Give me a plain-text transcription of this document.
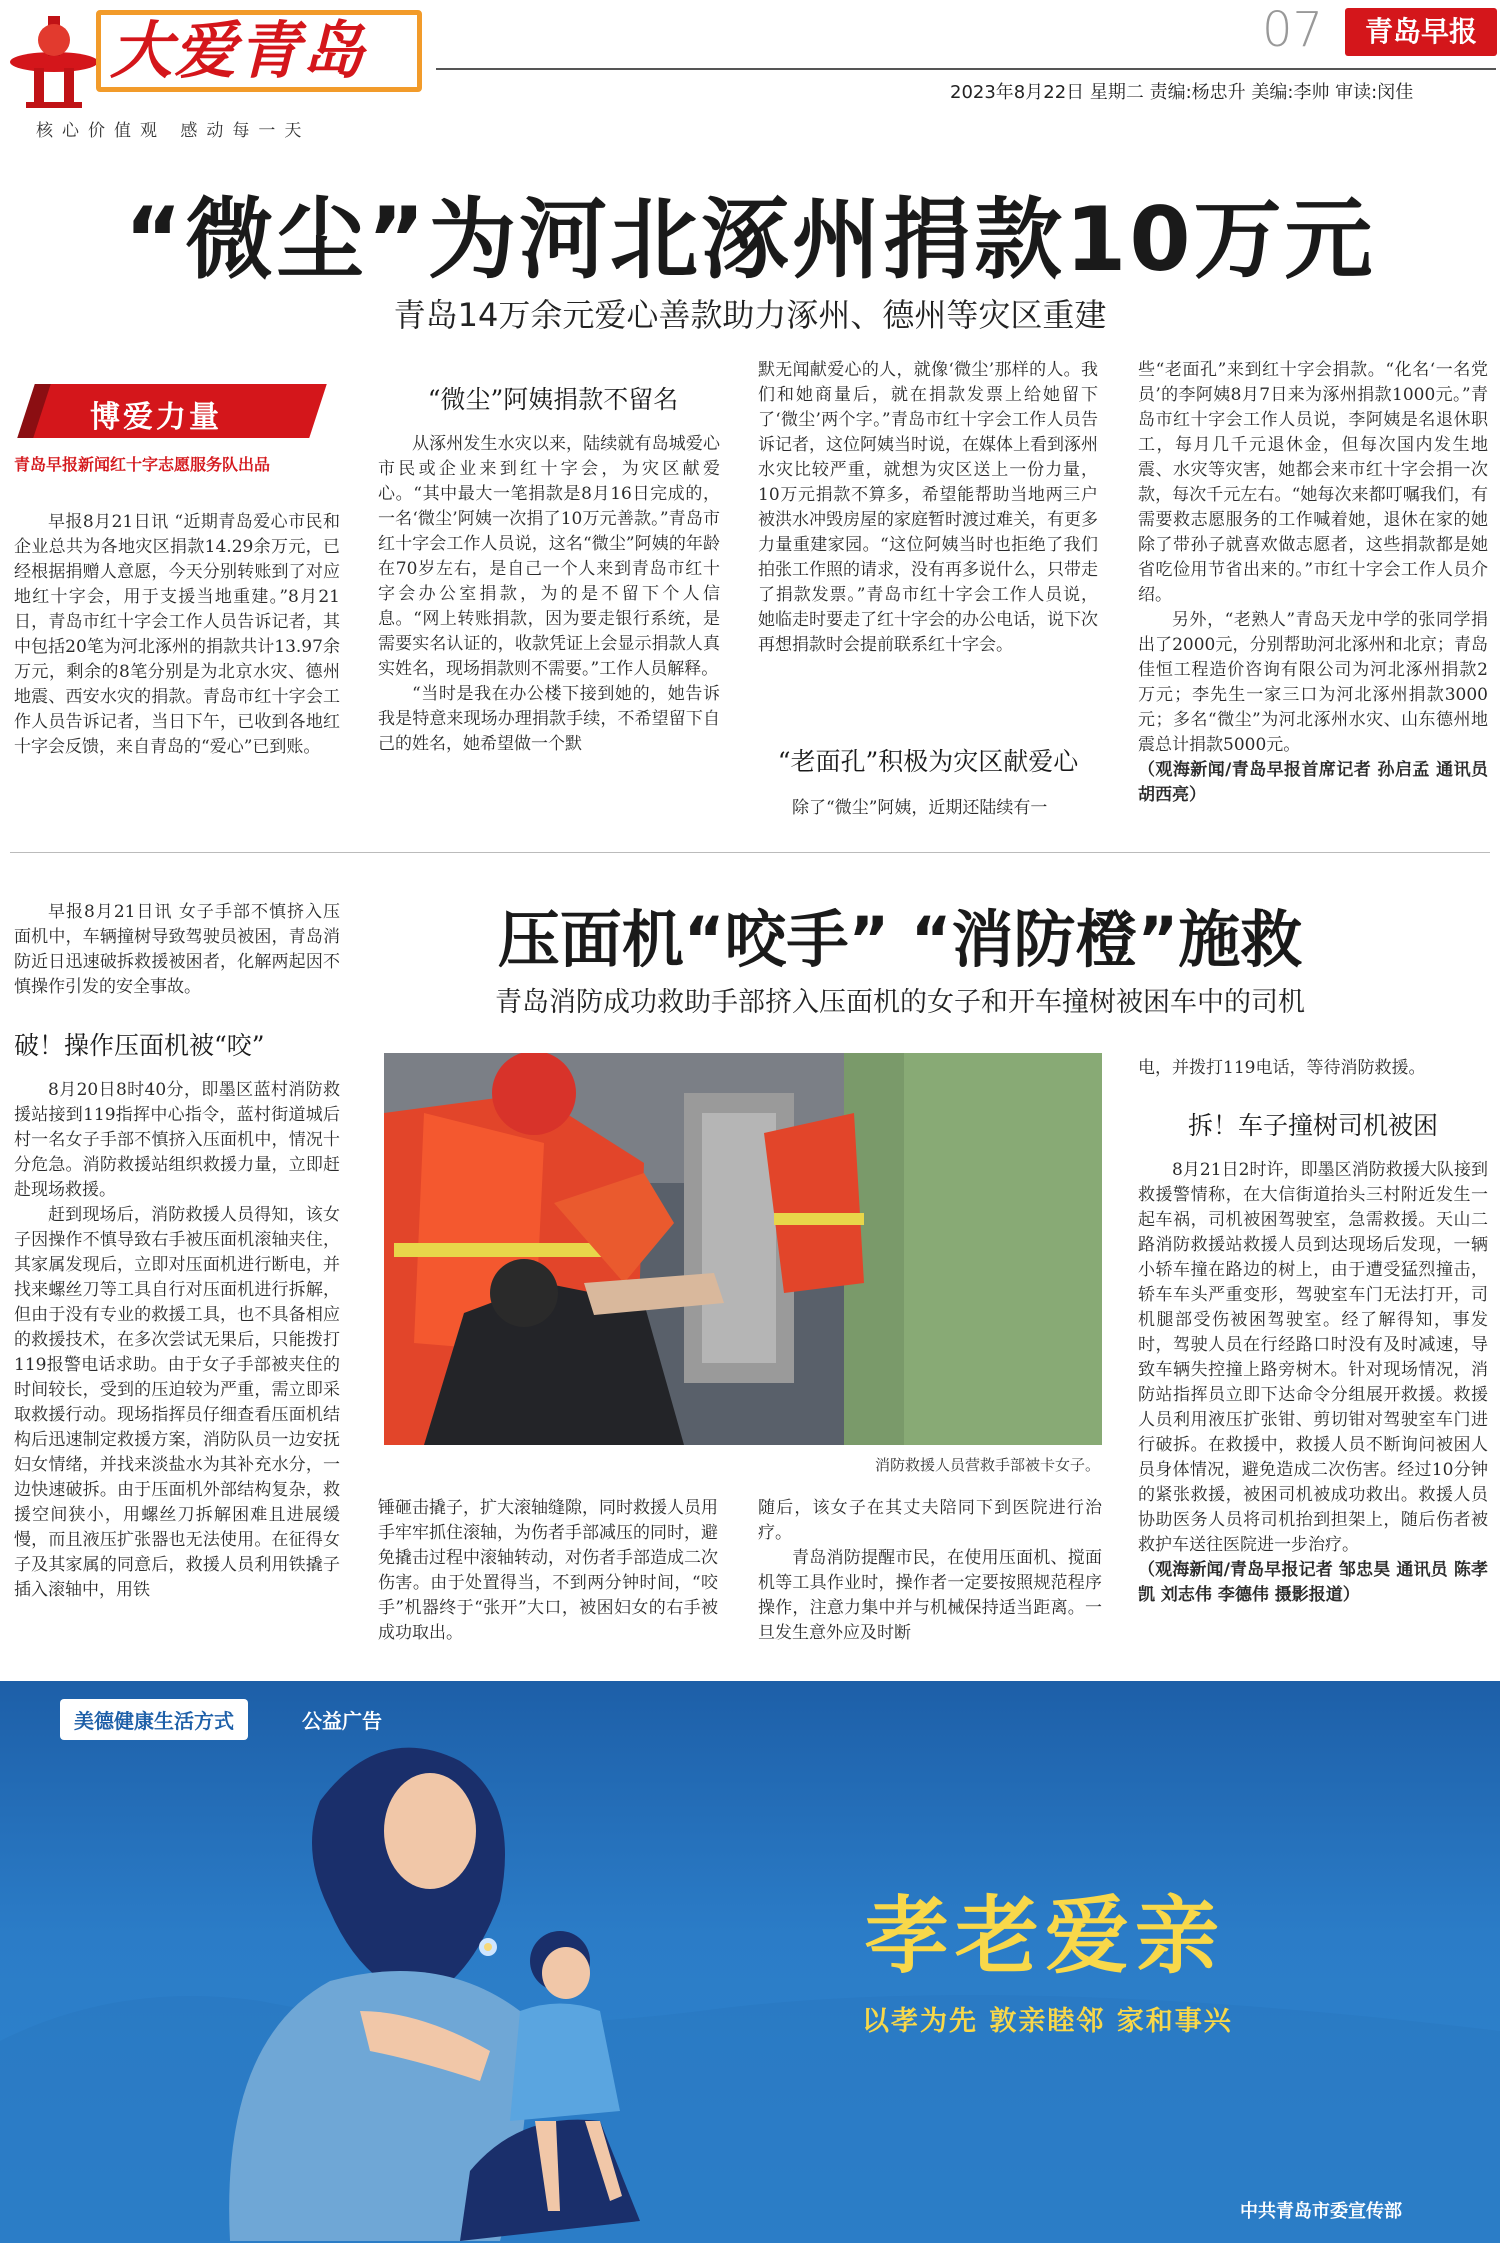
大爱青岛
核心价值观 感动每一天
07	青岛早报
2023年8月22日 星期二 责编:杨忠升 美编:李帅 审读:闵佳
“微尘”为河北涿州捐款10万元
青岛14万余元爱心善款助力涿州、德州等灾区重建
博爱力量
青岛早报新闻红十字志愿服务队出品

早报8月21日讯 “近期青岛爱心市民和企业总共为各地灾区捐款14.29余万元，已经根据捐赠人意愿，今天分别转账到了对应地红十字会，用于支援当地重建。”8月21日，青岛市红十字会工作人员告诉记者，其中包括20笔为河北涿州的捐款共计13.97余万元，剩余的8笔分别是为北京水灾、德州地震、西安水灾的捐款。青岛市红十字会工作人员告诉记者，当日下午，已收到各地红十字会反馈，来自青岛的“爱心”已到账。

“微尘”阿姨捐款不留名

从涿州发生水灾以来，陆续就有岛城爱心市民或企业来到红十字会，为灾区献爱心。“其中最大一笔捐款是8月16日完成的，一名‘微尘’阿姨一次捐了10万元善款。”青岛市红十字会工作人员说，这名“微尘”阿姨的年龄在70岁左右，是自己一个人来到青岛市红十字会办公室捐款，为的是不留下个人信息。“网上转账捐款，因为要走银行系统，是需要实名认证的，收款凭证上会显示捐款人真实姓名，现场捐款则不需要。”工作人员解释。

“当时是我在办公楼下接到她的，她告诉我是特意来现场办理捐款手续，不希望留下自己的姓名，她希望做一个默

默无闻献爱心的人，就像‘微尘’那样的人。我们和她商量后，就在捐款发票上给她留下了‘微尘’两个字。”青岛市红十字会工作人员告诉记者，这位阿姨当时说，在媒体上看到涿州水灾比较严重，就想为灾区送上一份力量，10万元捐款不算多，希望能帮助当地两三户被洪水冲毁房屋的家庭暂时渡过难关，有更多力量重建家园。“这位阿姨当时也拒绝了我们拍张工作照的请求，没有再多说什么，只带走了捐款发票。”青岛市红十字会工作人员说，她临走时要走了红十字会的办公电话，说下次再想捐款时会提前联系红十字会。

“老面孔”积极为灾区献爱心

除了“微尘”阿姨，近期还陆续有一

些“老面孔”来到红十字会捐款。“化名‘一名党员’的李阿姨8月7日来为涿州捐款1000元。”青岛市红十字会工作人员说，李阿姨是名退休职工，每月几千元退休金，但每次国内发生地震、水灾等灾害，她都会来市红十字会捐一次款，每次千元左右。“她每次来都叮嘱我们，有需要救志愿服务的工作喊着她，退休在家的她除了带孙子就喜欢做志愿者，这些捐款都是她省吃俭用节省出来的。”市红十字会工作人员介绍。

另外，“老熟人”青岛天龙中学的张同学捐出了2000元，分别帮助河北涿州和北京；青岛佳恒工程造价咨询有限公司为河北涿州捐款2万元；李先生一家三口为河北涿州捐款3000元；多名“微尘”为河北涿州水灾、山东德州地震总计捐款5000元。

（观海新闻/青岛早报首席记者 孙启孟 通讯员 胡西亮）

早报8月21日讯 女子手部不慎挤入压面机中，车辆撞树导致驾驶员被困，青岛消防近日迅速破拆救援被困者，化解两起因不慎操作引发的安全事故。

破！操作压面机被“咬”

8月20日8时40分，即墨区蓝村消防救援站接到119指挥中心指令，蓝村街道城后村一名女子手部不慎挤入压面机中，情况十分危急。消防救援站组织救援力量，立即赶赴现场救援。

赶到现场后，消防救援人员得知，该女子因操作不慎导致右手被压面机滚轴夹住，其家属发现后，立即对压面机进行断电，并找来螺丝刀等工具自行对压面机进行拆解，但由于没有专业的救援工具，也不具备相应的救援技术，在多次尝试无果后，只能拨打119报警电话求助。由于女子手部被夹住的时间较长，受到的压迫较为严重，需立即采取救援行动。现场指挥员仔细查看压面机结构后迅速制定救援方案，消防队员一边安抚妇女情绪，并找来淡盐水为其补充水分，一边快速破拆。由于压面机外部结构复杂，救援空间狭小，用螺丝刀拆解困难且进展缓慢，而且液压扩张器也无法使用。在征得女子及其家属的同意后，救援人员利用铁撬子插入滚轴中，用铁

压面机“咬手” “消防橙”施救
青岛消防成功救助手部挤入压面机的女子和开车撞树被困车中的司机
消防救援人员营救手部被卡女子。

锤砸击撬子，扩大滚轴缝隙，同时救援人员用手牢牢抓住滚轴，为伤者手部减压的同时，避免撬击过程中滚轴转动，对伤者手部造成二次伤害。由于处置得当，不到两分钟时间，“咬手”机器终于“张开”大口，被困妇女的右手被成功取出。

随后，该女子在其丈夫陪同下到医院进行治疗。

青岛消防提醒市民，在使用压面机、搅面机等工具作业时，操作者一定要按照规范程序操作，注意力集中并与机械保持适当距离。一旦发生意外应及时断

电，并拨打119电话，等待消防救援。

拆！车子撞树司机被困

8月21日2时许，即墨区消防救援大队接到救援警情称，在大信街道抬头三村附近发生一起车祸，司机被困驾驶室，急需救援。天山二路消防救援站救援人员到达现场后发现，一辆小轿车撞在路边的树上，由于遭受猛烈撞击，轿车车头严重变形，驾驶室车门无法打开，司机腿部受伤被困驾驶室。经了解得知，事发时，驾驶人员在行经路口时没有及时减速，导致车辆失控撞上路旁树木。针对现场情况，消防站指挥员立即下达命令分组展开救援。救援人员利用液压扩张钳、剪切钳对驾驶室车门进行破拆。在救援中，救援人员不断询问被困人员身体情况，避免造成二次伤害。经过10分钟的紧张救援，被困司机被成功救出。救援人员协助医务人员将司机抬到担架上，随后伤者被救护车送往医院进一步治疗。

（观海新闻/青岛早报记者 邹忠昊 通讯员 陈孝凯 刘志伟 李德伟 摄影报道）

美德健康生活方式	公益广告
孝老爱亲
以孝为先 敦亲睦邻 家和事兴
中共青岛市委宣传部
